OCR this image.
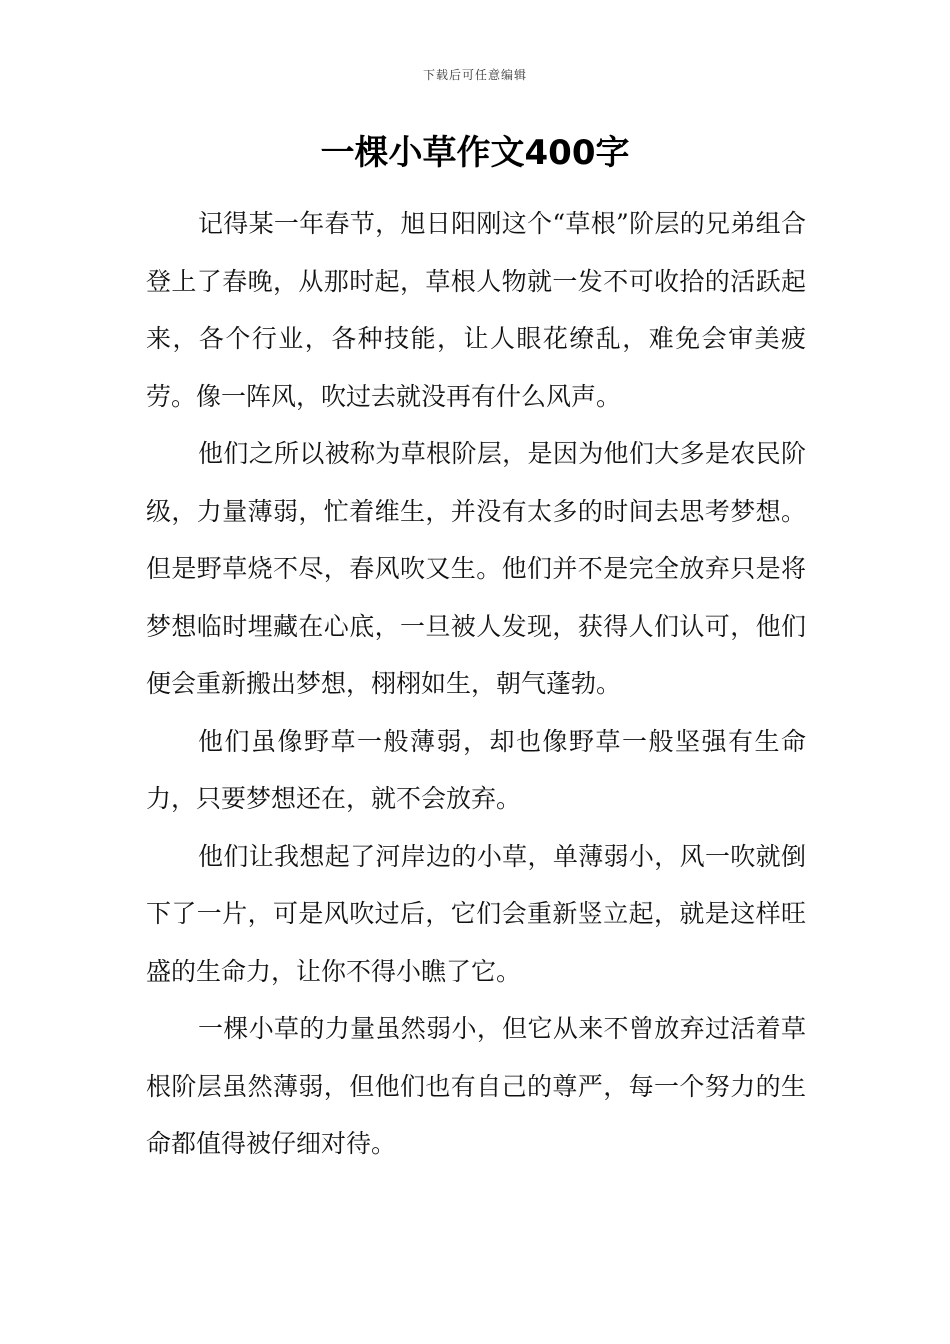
下载后可任意编辑
一棵小草作文400字

记得某一年春节，旭日阳刚这个“草根”阶层的兄弟组合登上了春晚，从那时起，草根人物就一发不可收拾的活跃起来，各个行业，各种技能，让人眼花缭乱，难免会审美疲劳。像一阵风，吹过去就没再有什么风声。

他们之所以被称为草根阶层，是因为他们大多是农民阶级，力量薄弱，忙着维生，并没有太多的时间去思考梦想。但是野草烧不尽，春风吹又生。他们并不是完全放弃只是将梦想临时埋藏在心底，一旦被人发现，获得人们认可，他们便会重新搬出梦想，栩栩如生，朝气蓬勃。

他们虽像野草一般薄弱，却也像野草一般坚强有生命力，只要梦想还在，就不会放弃。

他们让我想起了河岸边的小草，单薄弱小，风一吹就倒下了一片，可是风吹过后，它们会重新竖立起，就是这样旺盛的生命力，让你不得小瞧了它。

一棵小草的力量虽然弱小，但它从来不曾放弃过活着草根阶层虽然薄弱，但他们也有自己的尊严，每一个努力的生命都值得被仔细对待。
